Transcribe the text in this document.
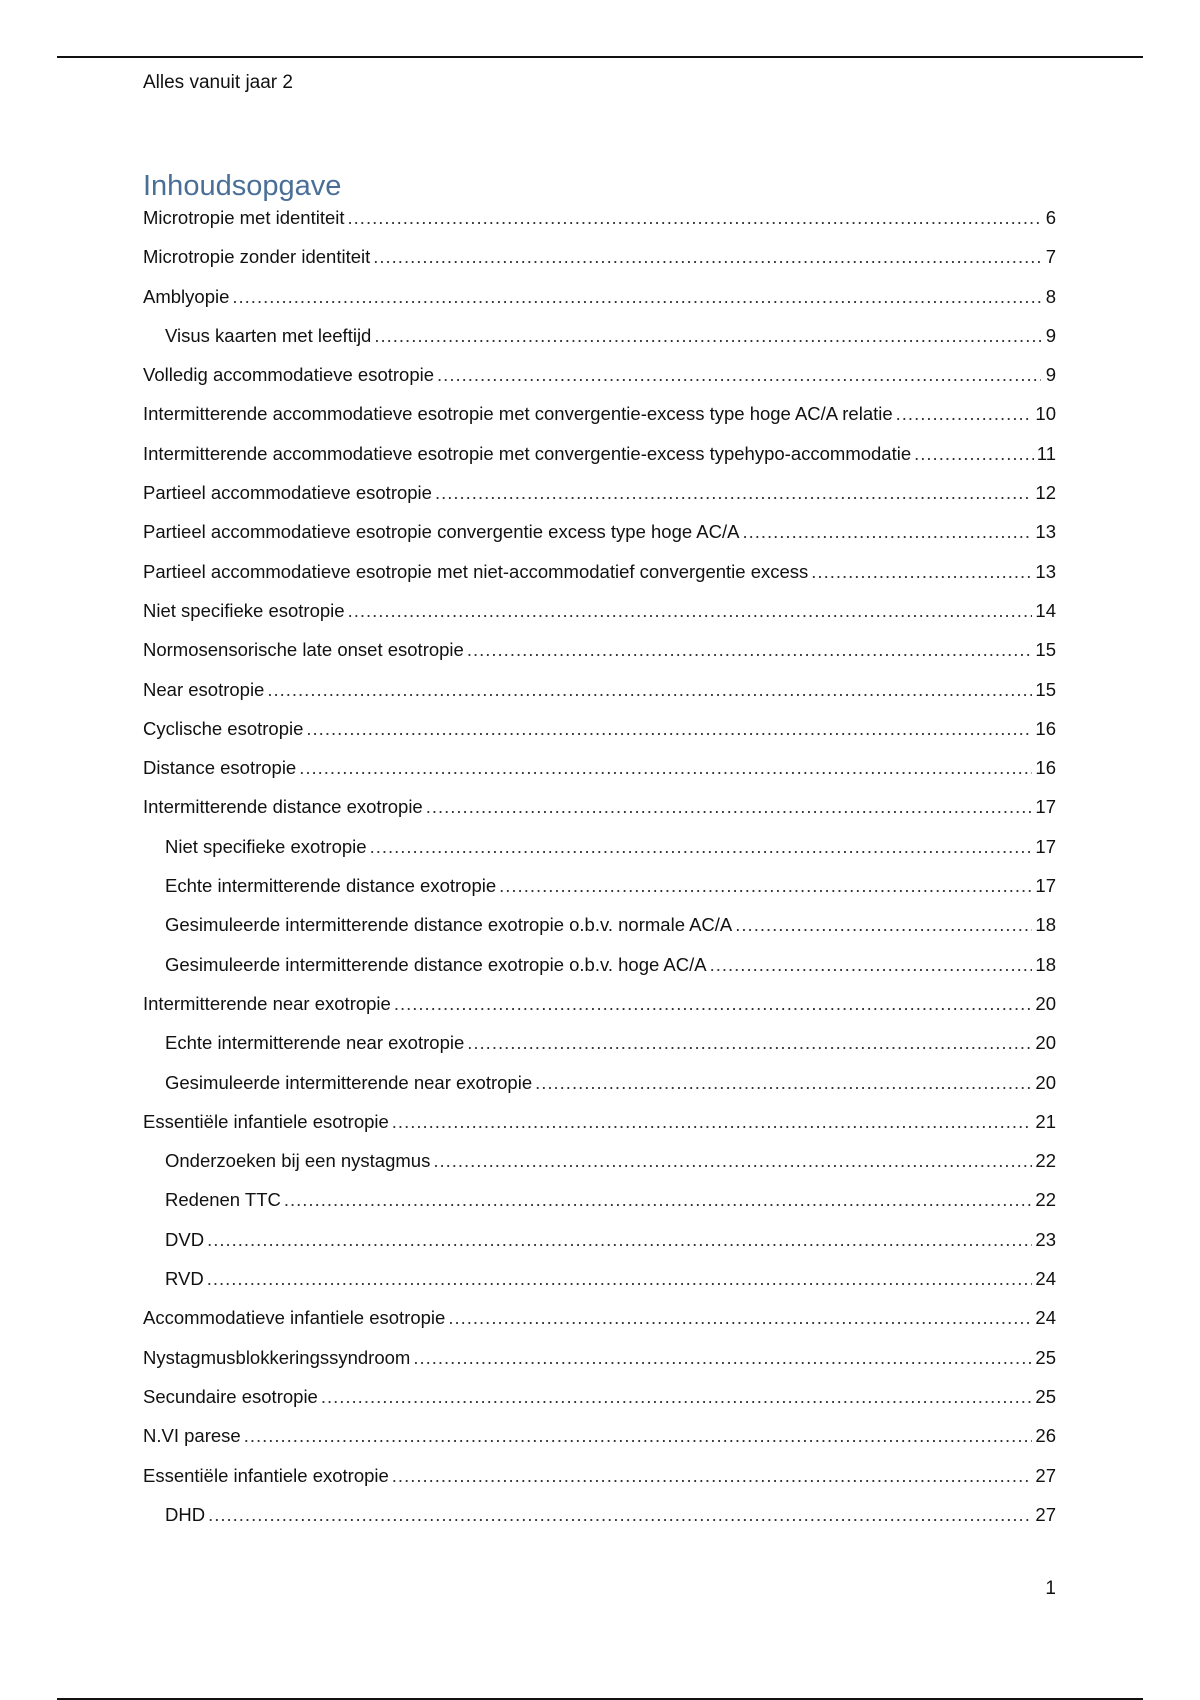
Alles vanuit jaar 2
Inhoudsopgave
Microtropie met identiteit .....	6
Microtropie zonder identiteit .....	7
Amblyopie .....	8
Visus kaarten met leeftijd .....	9
Volledig accommodatieve esotropie .....	9
Intermitterende accommodatieve esotropie met convergentie-excess type hoge AC/A relatie .....	10
Intermitterende accommodatieve esotropie met convergentie-excess typehypo-accommodatie .....	11
Partieel accommodatieve esotropie .....	12
Partieel accommodatieve esotropie convergentie excess type hoge AC/A .....	13
Partieel accommodatieve esotropie met niet-accommodatief convergentie excess .....	13
Niet specifieke esotropie .....	14
Normosensorische late onset esotropie .....	15
Near esotropie .....	15
Cyclische esotropie .....	16
Distance esotropie .....	16
Intermitterende distance exotropie .....	17
Niet specifieke exotropie .....	17
Echte intermitterende distance exotropie .....	17
Gesimuleerde intermitterende distance exotropie o.b.v. normale AC/A .....	18
Gesimuleerde intermitterende distance exotropie o.b.v. hoge AC/A .....	18
Intermitterende near exotropie .....	20
Echte intermitterende near exotropie .....	20
Gesimuleerde intermitterende near exotropie .....	20
Essentiële infantiele esotropie .....	21
Onderzoeken bij een nystagmus .....	22
Redenen TTC .....	22
DVD .....	23
RVD .....	24
Accommodatieve infantiele esotropie .....	24
Nystagmusblokkeringssyndroom .....	25
Secundaire esotropie .....	25
N.VI parese .....	26
Essentiële infantiele exotropie .....	27
DHD .....	27
1
